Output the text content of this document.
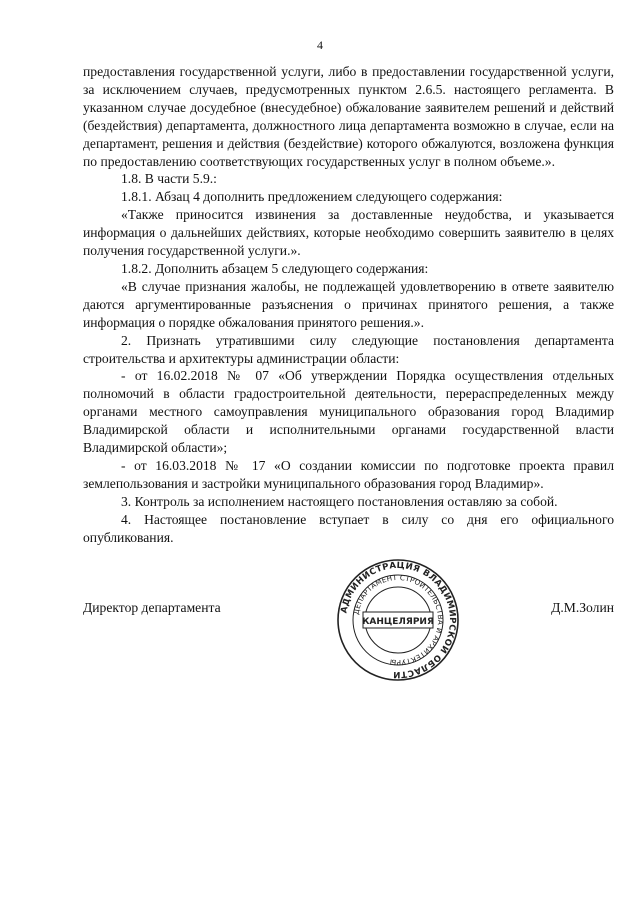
4

предоставления государственной услуги, либо в предоставлении государственной услуги, за исключением случаев, предусмотренных пунктом 2.6.5. настоящего регламента. В указанном случае досудебное (внесудебное) обжалование заявителем решений и действий (бездействия) департамента, должностного лица департамента возможно в случае, если на департамент, решения и действия (бездействие) которого обжалуются, возложена функция по предоставлению соответствующих государственных услуг в полном объеме.».

1.8. В части 5.9.:

1.8.1. Абзац 4 дополнить предложением следующего содержания:

«Также приносится извинения за доставленные неудобства, и указывается информация о дальнейших действиях, которые необходимо совершить заявителю в целях получения государственной услуги.».

1.8.2. Дополнить абзацем 5 следующего содержания:

«В случае признания жалобы, не подлежащей удовлетворению в ответе заявителю даются аргументированные разъяснения о причинах принятого решения, а также информация о порядке обжалования принятого решения.».

2. Признать утратившими силу следующие постановления департамента строительства и архитектуры администрации области:

- от 16.02.2018 № 07 «Об утверждении Порядка осуществления отдельных полномочий в области градостроительной деятельности, перераспределенных между органами местного самоуправления муниципального образования город Владимир Владимирской области и исполнительными органами государственной власти Владимирской области»;

- от 16.03.2018 № 17 «О создании комиссии по подготовке проекта правил землепользования и застройки муниципального образования город Владимир».

3. Контроль за исполнением настоящего постановления оставляю за собой.

4. Настоящее постановление вступает в силу со дня его официального опубликования.

Директор департамента	Д.М.Золин
АДМИНИСТРАЦИЯ ВЛАДИМИРСКОЙ ОБЛАСТИ
ДЕПАРТАМЕНТ СТРОИТЕЛЬСТВА И АРХИТЕКТУРЫ
КАНЦЕЛЯРИЯ
